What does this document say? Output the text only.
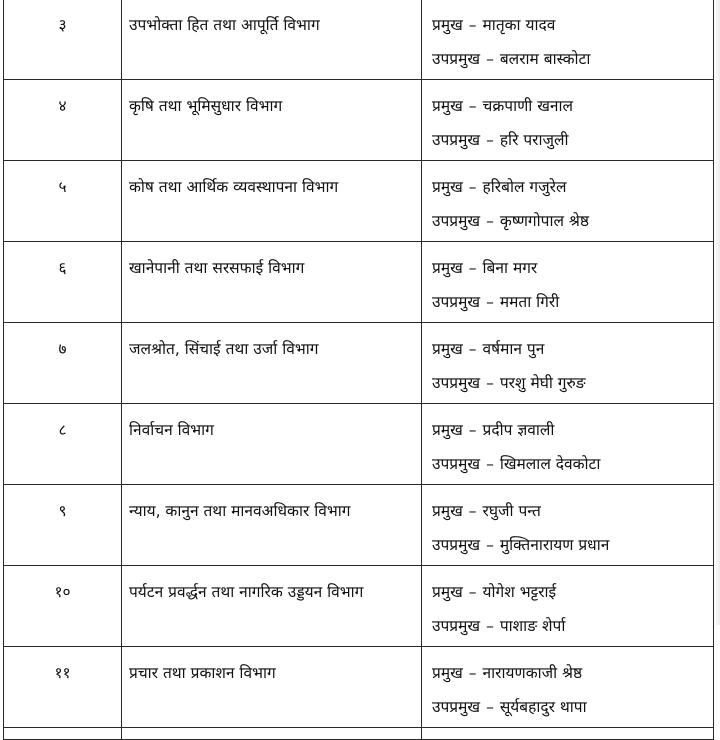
३	उपभोक्ता हित तथा आपूर्ति विभाग	प्रमुख – मातृका यादव
उपप्रमुख – बलराम बास्कोटा

४	कृषि तथा भूमिसुधार विभाग	प्रमुख – चक्रपाणी खनाल
उपप्रमुख – हरि पराजुली

५	कोष तथा आर्थिक व्यवस्थापना विभाग	प्रमुख – हरिबोल गजुरेल
उपप्रमुख – कृष्णगोपाल श्रेष्ठ

६	खानेपानी तथा सरसफाई विभाग	प्रमुख – बिना मगर
उपप्रमुख – ममता गिरी

७	जलश्रोत, सिंचाई तथा उर्जा विभाग	प्रमुख – वर्षमान पुन
उपप्रमुख – परशु मेघी गुरुङ

८	निर्वाचन विभाग	प्रमुख – प्रदीप ज्ञवाली
उपप्रमुख – खिमलाल देवकोटा

९	न्याय, कानुन तथा मानवअधिकार विभाग	प्रमुख – रघुजी पन्त
उपप्रमुख – मुक्तिनारायण प्रधान

१०	पर्यटन प्रवर्द्धन तथा नागरिक उड्डयन विभाग	प्रमुख – योगेश भट्टराई
उपप्रमुख – पाशाङ शेर्पा

११	प्रचार तथा प्रकाशन विभाग	प्रमुख – नारायणकाजी श्रेष्ठ
उपप्रमुख – सूर्यबहादुर थापा
